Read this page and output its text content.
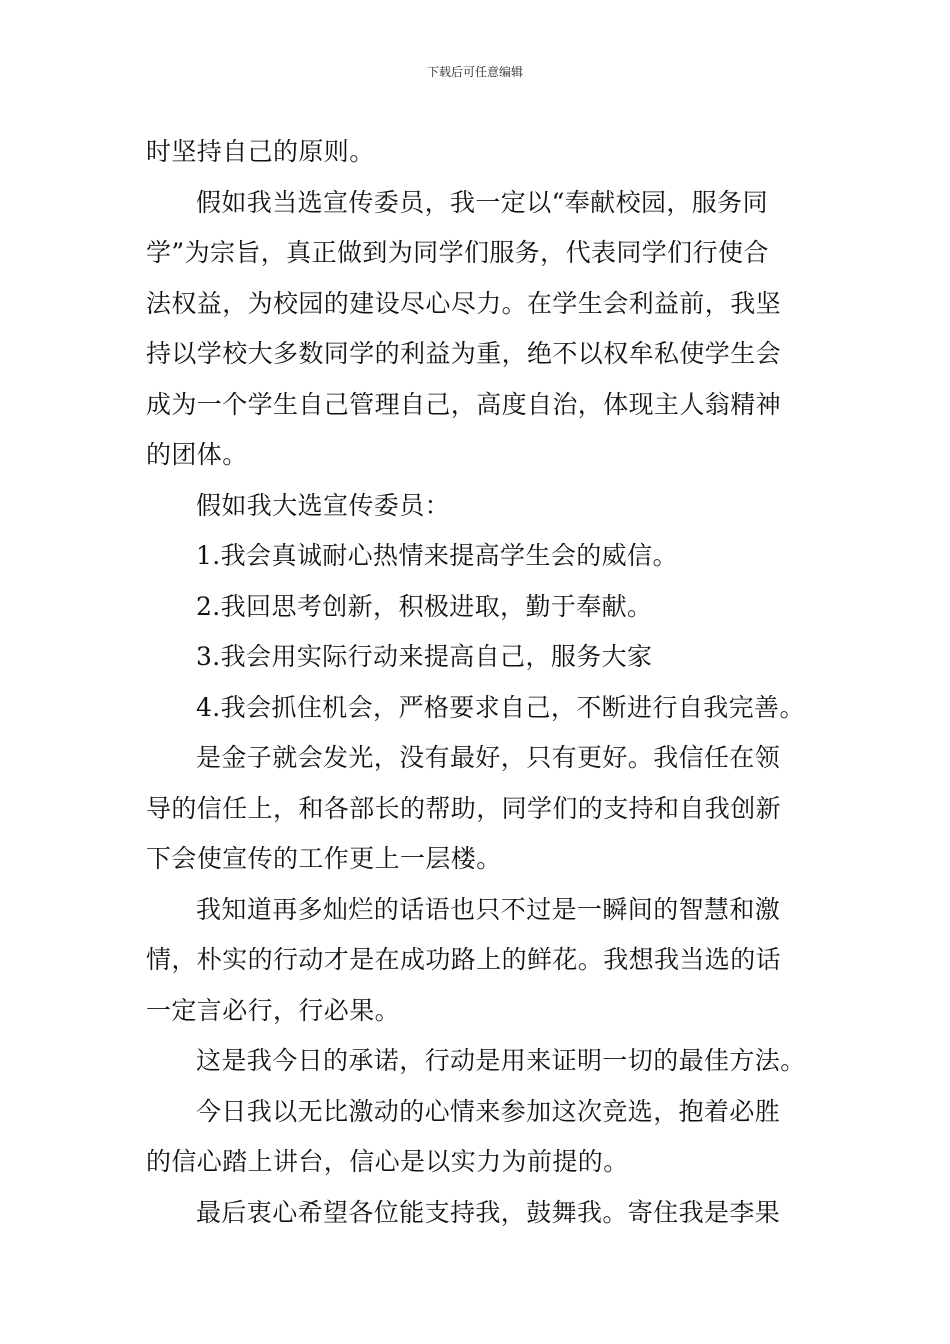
下载后可任意编辑
时坚持自己的原则。
假如我当选宣传委员，我一定以“奉献校园，服务同
学”为宗旨，真正做到为同学们服务，代表同学们行使合
法权益，为校园的建设尽心尽力。在学生会利益前，我坚
持以学校大多数同学的利益为重，绝不以权牟私使学生会
成为一个学生自己管理自己，高度自治，体现主人翁精神
的团体。
假如我大选宣传委员：
1.我会真诚耐心热情来提高学生会的威信。
2.我回思考创新，积极进取，勤于奉献。
3.我会用实际行动来提高自己，服务大家
4.我会抓住机会，严格要求自己，不断进行自我完善。
是金子就会发光，没有最好，只有更好。我信任在领
导的信任上，和各部长的帮助，同学们的支持和自我创新
下会使宣传的工作更上一层楼。
我知道再多灿烂的话语也只不过是一瞬间的智慧和激
情，朴实的行动才是在成功路上的鲜花。我想我当选的话
一定言必行，行必果。
这是我今日的承诺，行动是用来证明一切的最佳方法。
今日我以无比激动的心情来参加这次竞选，抱着必胜
的信心踏上讲台，信心是以实力为前提的。
最后衷心希望各位能支持我，鼓舞我。寄住我是李果
